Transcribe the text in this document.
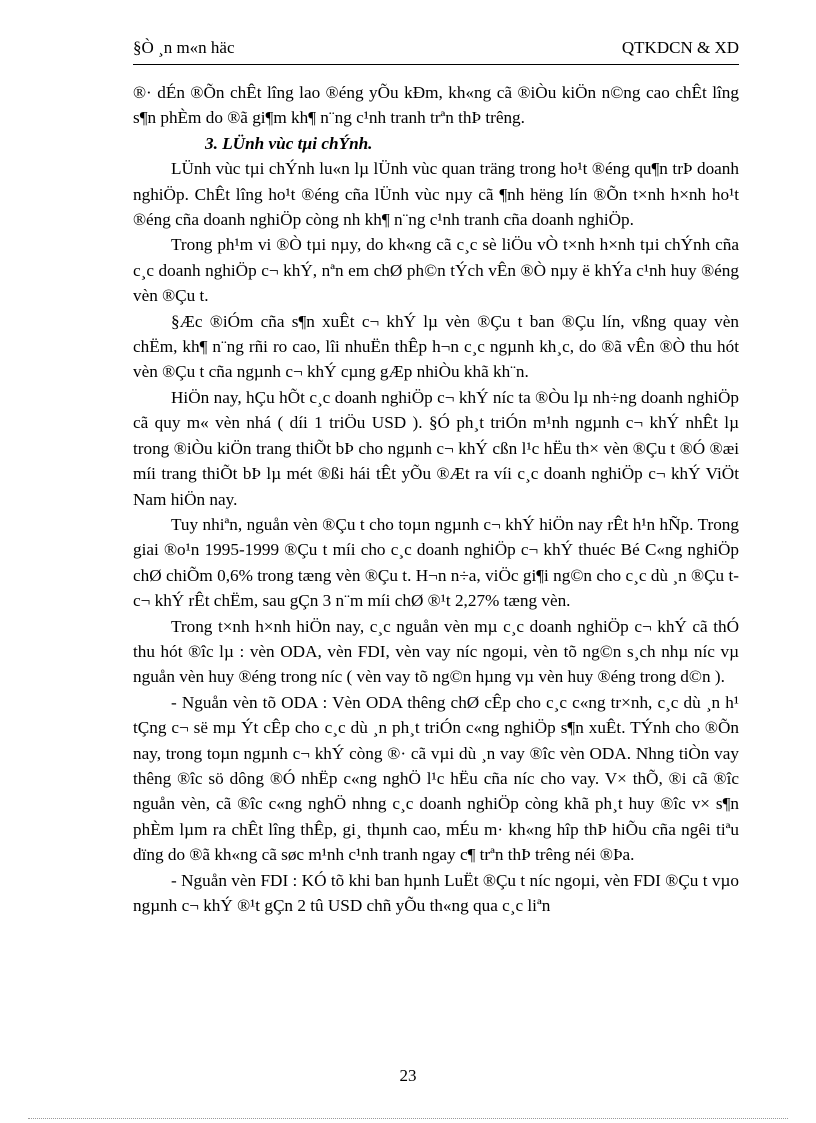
§Ò ¸n m«n häc	QTKDCN & XD

®· dÉn ®Õn chÊt lîng lao ®éng yÕu kÐm, kh«ng cã ®iÒu kiÖn n©ng cao chÊt lîng s¶n phÈm do ®ã gi¶m kh¶ n¨ng c¹nh tranh trªn thÞ trêng.

3. LÜnh vùc tµi chÝnh.

LÜnh vùc tµi chÝnh lu«n lµ lÜnh vùc quan träng trong ho¹t ®éng qu¶n trÞ doanh nghiÖp. ChÊt lîng ho¹t ®éng cña lÜnh vùc nµy cã ¶nh hëng lín ®Õn t×nh h×nh ho¹t ®éng cña doanh nghiÖp còng nh kh¶ n¨ng c¹nh tranh cña doanh nghiÖp.

Trong ph¹m vi ®Ò tµi nµy, do kh«ng cã c¸c sè liÖu vÒ t×nh h×nh tµi chÝnh cña c¸c doanh nghiÖp c¬ khÝ, nªn em chØ ph©n tÝch vÊn ®Ò nµy ë khÝa c¹nh huy ®éng vèn ®Çu t.

§Æc ®iÓm cña s¶n xuÊt c¬ khÝ lµ vèn ®Çu t ban ®Çu lín, vßng quay vèn chËm, kh¶ n¨ng rñi ro cao, lîi nhuËn thÊp h¬n c¸c ngµnh kh¸c, do ®ã vÊn ®Ò thu hót vèn ®Çu t cña ngµnh c¬ khÝ cµng gÆp nhiÒu khã kh¨n.

HiÖn nay, hÇu hÕt c¸c doanh nghiÖp c¬ khÝ níc ta ®Òu lµ nh÷ng doanh nghiÖp cã quy m« vèn nhá ( díi 1 triÖu USD ). §Ó ph¸t triÓn m¹nh ngµnh c¬ khÝ nhÊt lµ trong ®iÒu kiÖn trang thiÕt bÞ cho ngµnh c¬ khÝ cßn l¹c hËu th× vèn ®Çu t ®Ó ®æi míi trang thiÕt bÞ lµ mét ®ßi hái tÊt yÕu ®Æt ra víi c¸c doanh nghiÖp c¬ khÝ ViÖt Nam hiÖn nay.

Tuy nhiªn, nguån vèn ®Çu t cho toµn ngµnh c¬ khÝ hiÖn nay rÊt h¹n hÑp. Trong giai ®o¹n 1995-1999 ®Çu t míi cho c¸c doanh nghiÖp c¬ khÝ thuéc Bé C«ng nghiÖp chØ chiÕm 0,6% trong tæng vèn ®Çu t. H¬n n÷a, viÖc gi¶i ng©n cho c¸c dù ¸n ®Çu t c¬ khÝ rÊt chËm, sau gÇn 3 n¨m míi chØ ®¹t 2,27% tæng vèn.

Trong t×nh h×nh hiÖn nay, c¸c nguån vèn mµ c¸c doanh nghiÖp c¬ khÝ cã thÓ thu hót ®îc lµ : vèn ODA, vèn FDI, vèn vay níc ngoµi, vèn tõ ng©n s¸ch nhµ níc vµ nguån vèn huy ®éng trong níc ( vèn vay tõ ng©n hµng vµ vèn huy ®éng trong d©n ).

- Nguån vèn tõ ODA : Vèn ODA thêng chØ cÊp cho c¸c c«ng tr×nh, c¸c dù ¸n h¹ tÇng c¬ së mµ Ýt cÊp cho c¸c dù ¸n ph¸t triÓn c«ng nghiÖp s¶n xuÊt. TÝnh cho ®Õn nay, trong toµn ngµnh c¬ khÝ còng ®· cã vµi dù ¸n vay ®îc vèn ODA. Nhng tiÒn vay thêng ®îc sö dông ®Ó nhËp c«ng nghÖ l¹c hËu cña níc cho vay. V× thÕ, ®i cã ®îc nguån vèn, cã ®îc c«ng nghÖ nhng c¸c doanh nghiÖp còng khã ph¸t huy ®îc v× s¶n phÈm lµm ra chÊt lîng thÊp, gi¸ thµnh cao, mÉu m· kh«ng hîp thÞ hiÕu cña ngêi tiªu dïng do ®ã kh«ng cã søc m¹nh c¹nh tranh ngay c¶ trªn thÞ trêng néi ®Þa.

- Nguån vèn FDI : KÓ tõ khi ban hµnh LuËt ®Çu t níc ngoµi, vèn FDI ®Çu t vµo ngµnh c¬ khÝ ®¹t gÇn 2 tû USD chñ yÕu th«ng qua c¸c liªn

23
